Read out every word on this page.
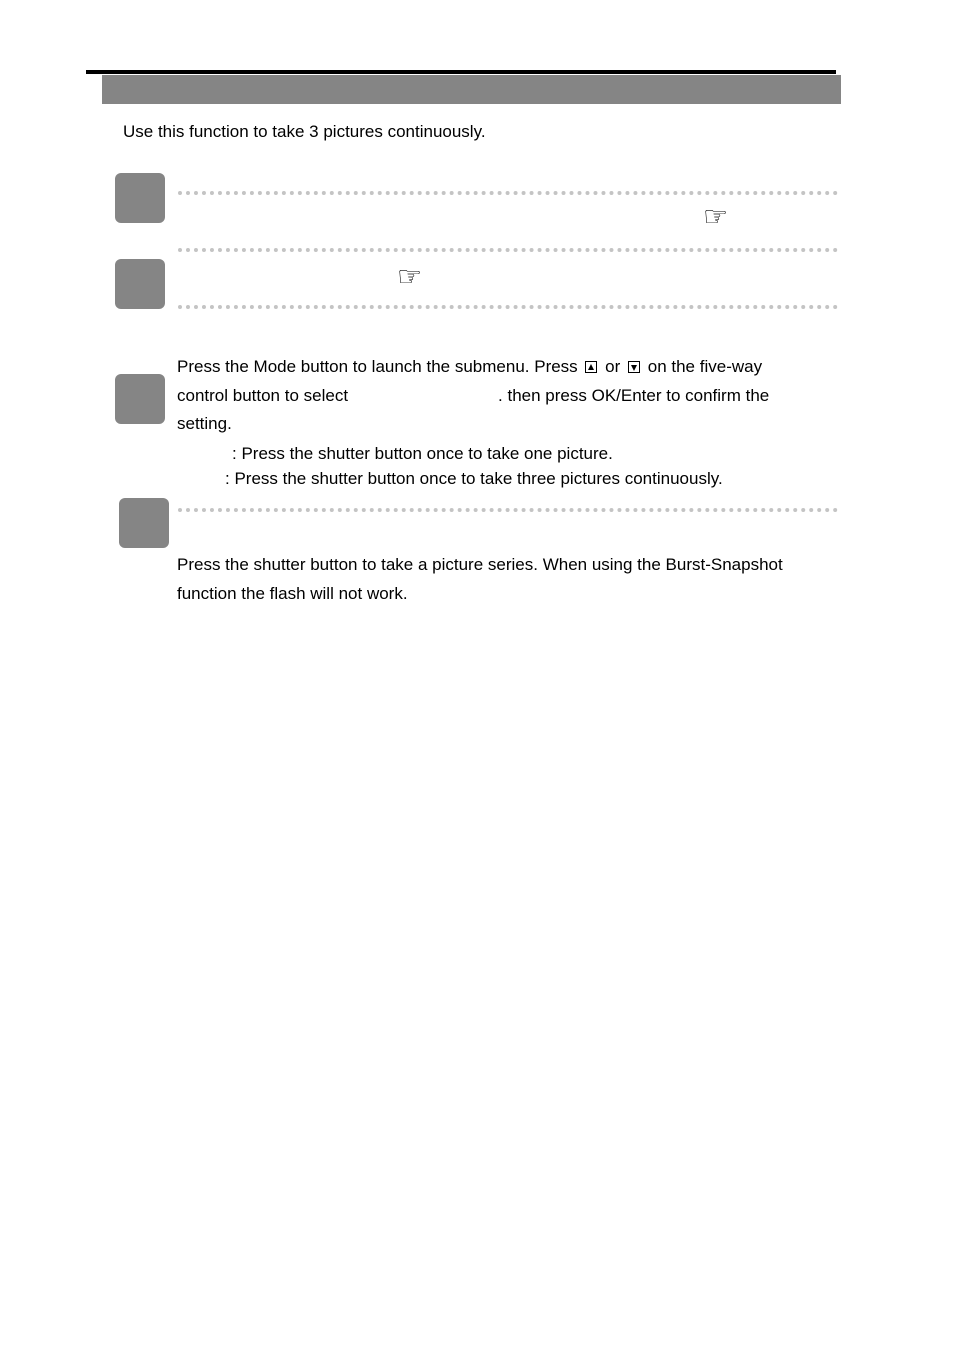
Use this function to take 3 pictures continuously.
☞
☞
Press the Mode button to launch the submenu. Press or on the five-way
control button to select	. then press OK/Enter to confirm the
setting.
: Press the shutter button once to take one picture.
: Press the shutter button once to take three pictures continuously.
Press the shutter button to take a picture series. When using the Burst-Snapshot
function the flash will not work.
